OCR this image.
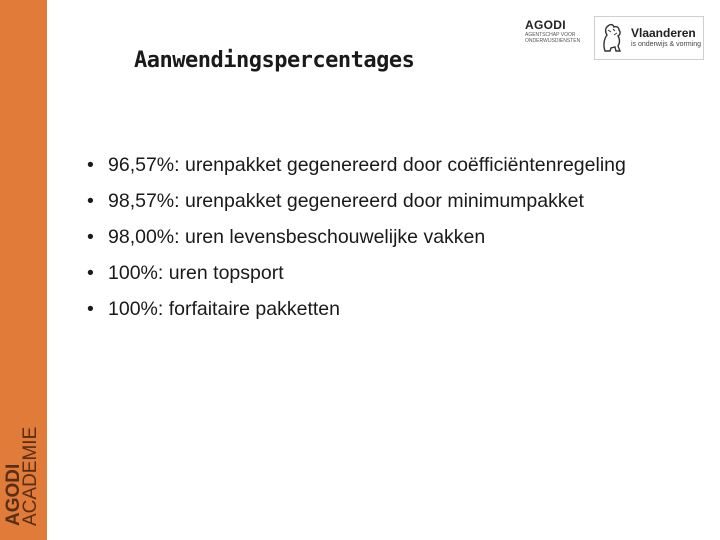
AGODI
ACADEMIE
Aanwendingspercentages
AGODI
AGENTSCHAP VOOR
ONDERWIJSDIENSTEN
Vlaanderen
is onderwijs & vorming
• 96,57%: urenpakket gegenereerd door coëfficiëntenregeling
• 98,57%: urenpakket gegenereerd door minimumpakket
• 98,00%: uren levensbeschouwelijke vakken
• 100%: uren topsport
• 100%: forfaitaire pakketten
